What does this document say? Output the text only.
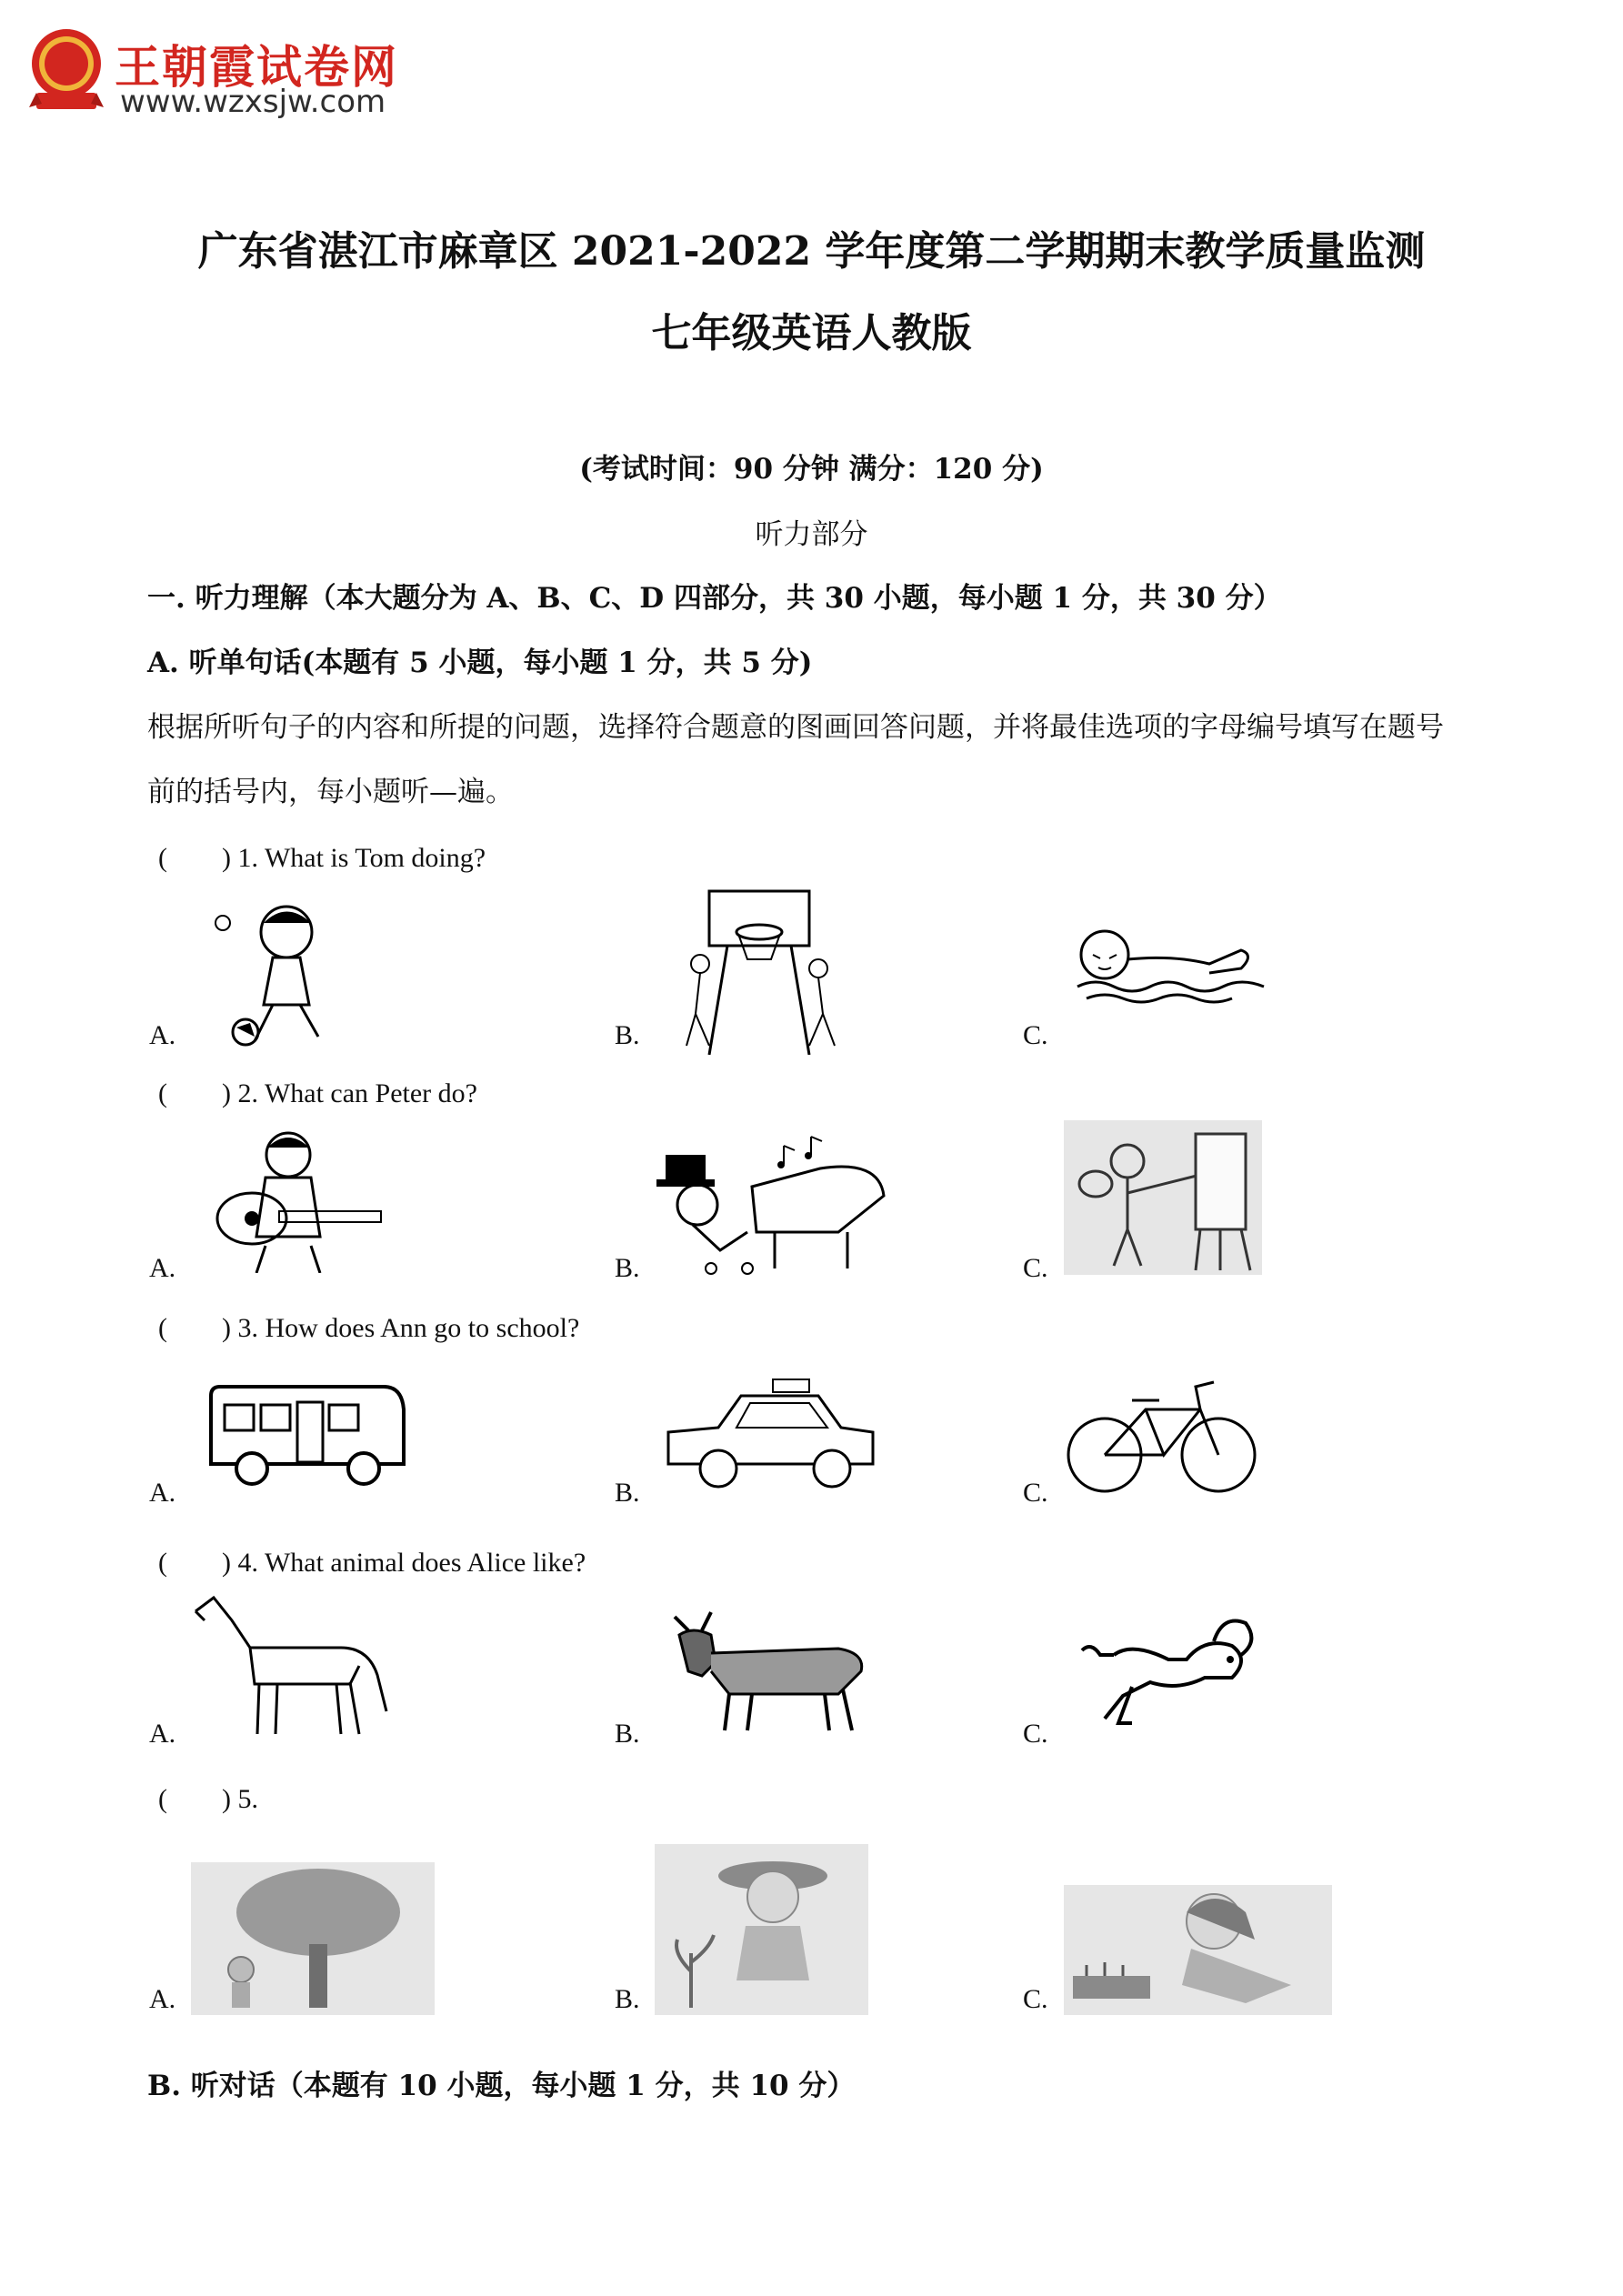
王朝霞试卷网
www.wzxsjw.com
广东省湛江市麻章区 2021-2022 学年度第二学期期末教学质量监测
七年级英语人教版
(考试时间：90 分钟 满分：120 分)
听力部分
一. 听力理解（本大题分为 A、B、C、D 四部分，共 30 小题，每小题 1 分，共 30 分）
A. 听单句话(本题有 5 小题，每小题 1 分，共 5 分)
根据所听句子的内容和所提的问题，选择符合题意的图画回答问题，并将最佳选项的字母编号填写在题号
前的括号内，每小题听—遍。
(　　) 1. What is Tom doing?
A.	B.	C.
(　　) 2. What can Peter do?
A.	B.	C.
(　　) 3. How does Ann go to school?
A.	B.	C.
(　　) 4. What animal does Alice like?
A.	B.	C.
(　　) 5.
A.	B.	C.
B. 听对话（本题有 10 小题，每小题 1 分，共 10 分）
